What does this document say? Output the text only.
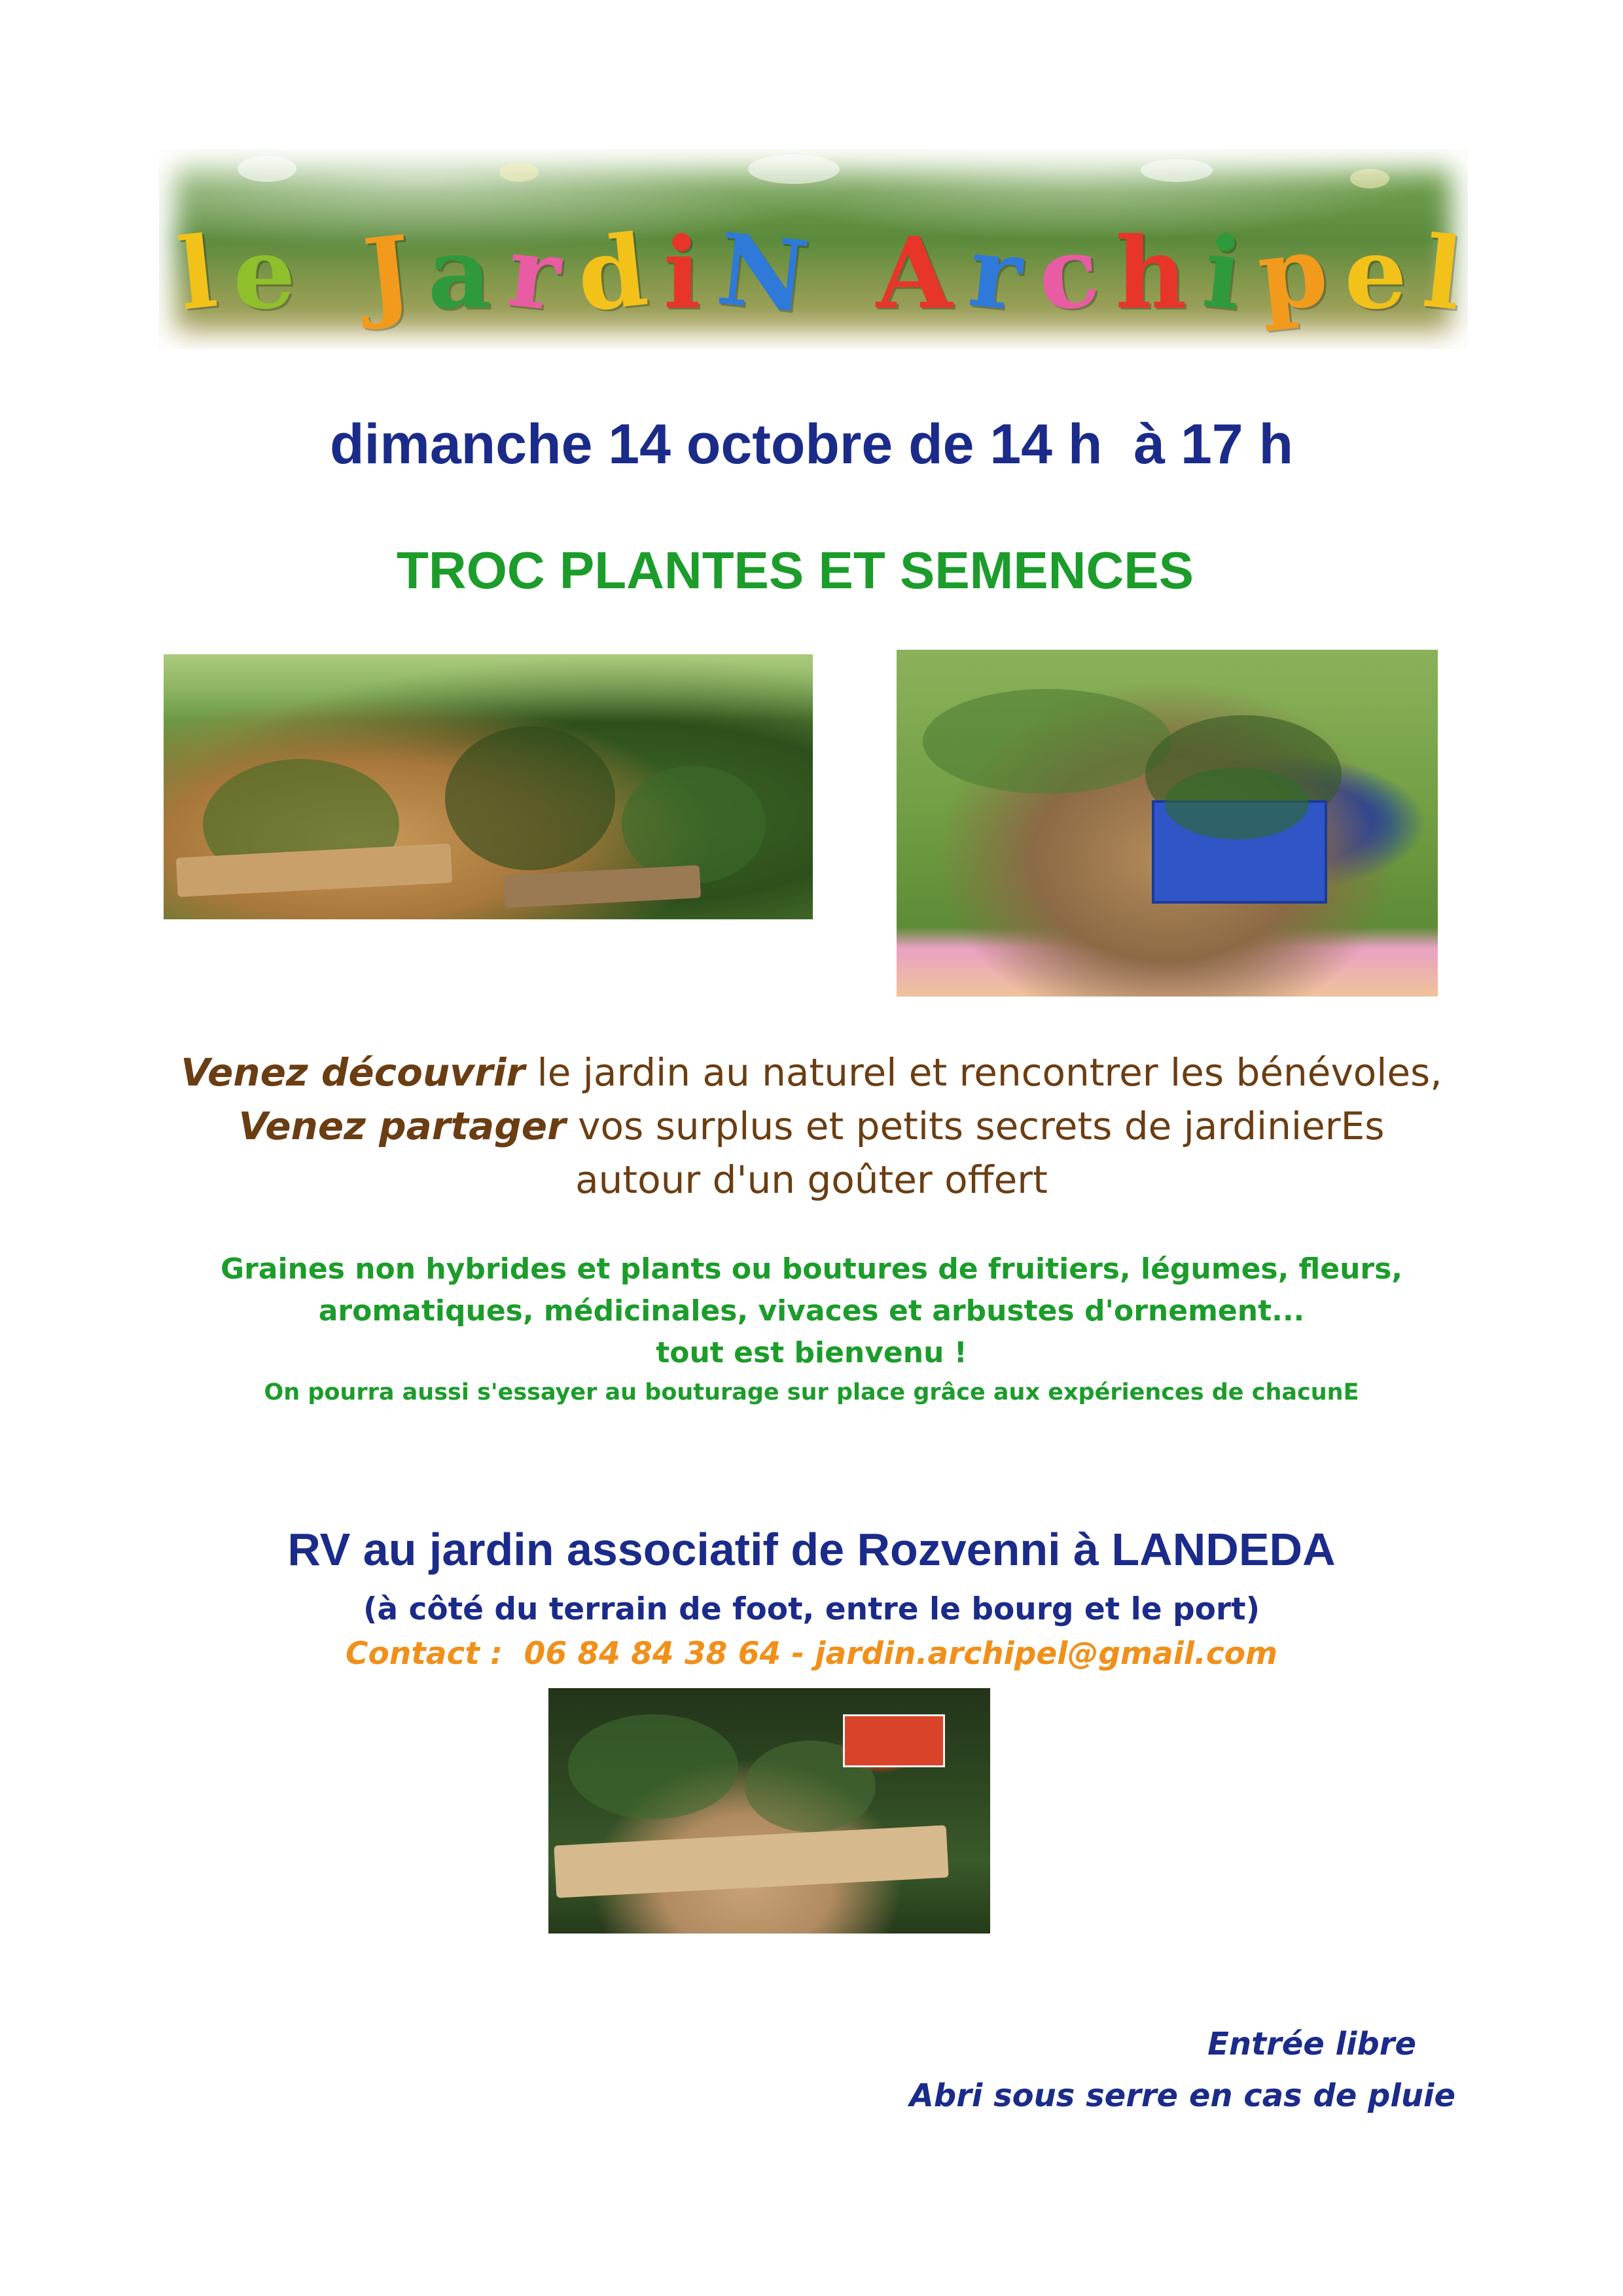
l e
J a r d i N
A r c h i p e l
dimanche 14 octobre de 14 h  à 17 h
TROC PLANTES ET SEMENCES
Venez découvrir le jardin au naturel et rencontrer les bénévoles,
Venez partager vos surplus et petits secrets de jardinierEs
autour d'un goûter offert
Graines non hybrides et plants ou boutures de fruitiers, légumes, fleurs,
aromatiques, médicinales, vivaces et arbustes d'ornement...
tout est bienvenu !
On pourra aussi s'essayer au bouturage sur place grâce aux expériences de chacunE
RV au jardin associatif de Rozvenni à LANDEDA
(à côté du terrain de foot, entre le bourg et le port)
Contact :  06 84 84 38 64 - jardin.archipel@gmail.com
Entrée libre
Abri sous serre en cas de pluie
